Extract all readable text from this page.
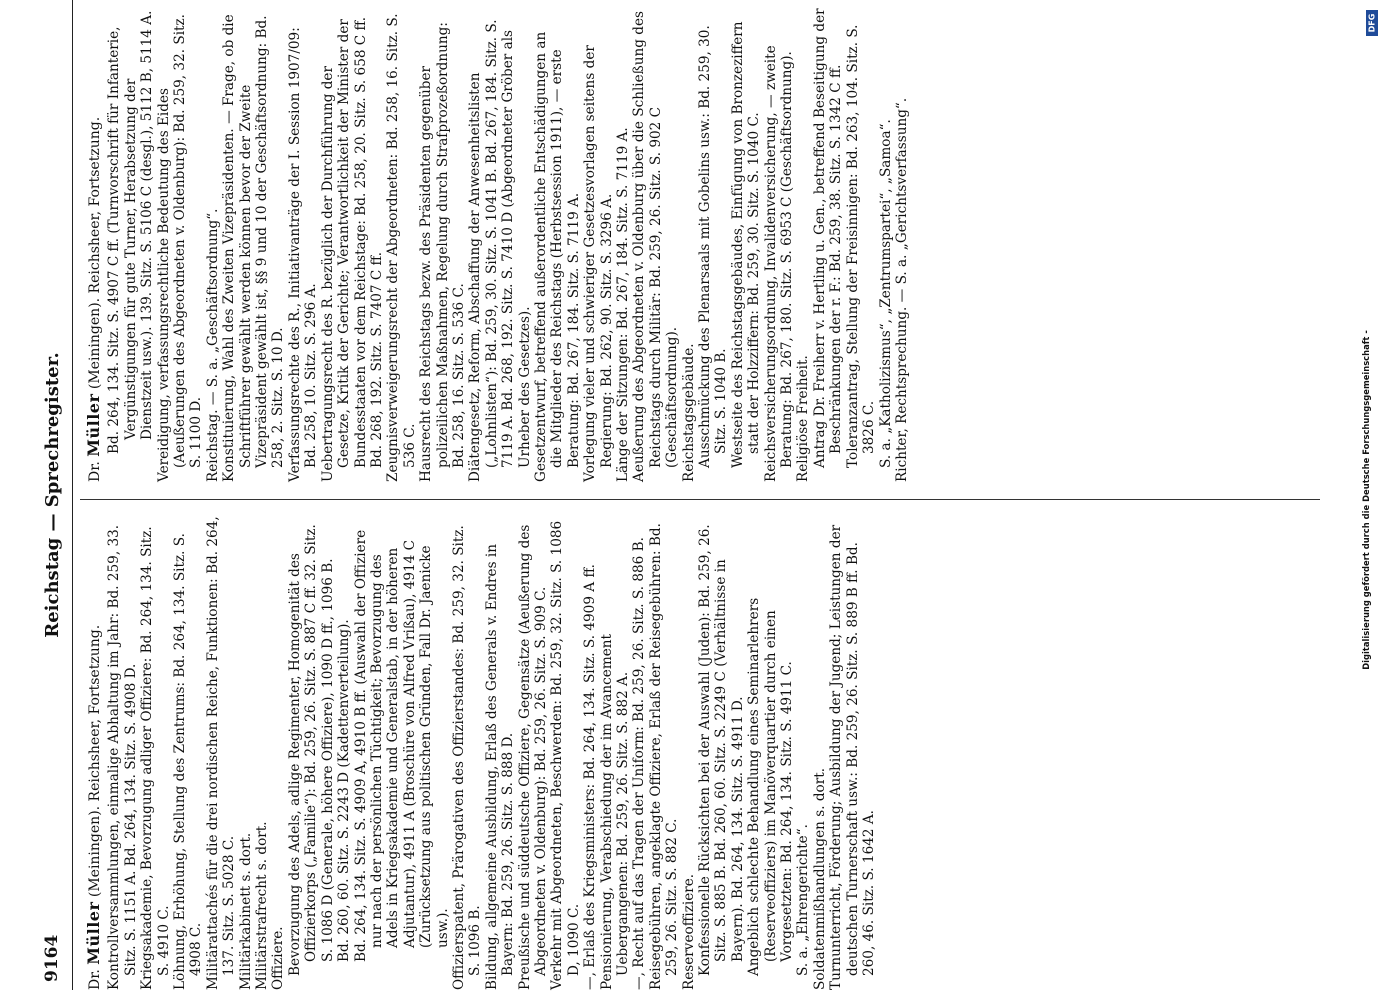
9164
Reichstag — Sprechregister.
Dr. Müller (Meiningen). Reichsheer, Fortsetzung. Kontrollversammlungen, einmalige Abhaltung im Jahr: Bd. 259, 33. Sitz. S. 1151 A. Bd. 264, 134. Sitz. S. 4908 D. Kriegsakademie, Bevorzugung adliger Offiziere: Bd. 264, 134. Sitz. S. 4910 C. Löhnung, Erhöhung, Stellung des Zentrums: Bd. 264, 134. Sitz. S. 4908 C. Militärattachés für die drei nordischen Reiche, Funktionen: Bd. 264, 137. Sitz. S. 5028 C. Militärkabinett s. dort. Militärstrafrecht s. dort. Offiziere. Bevorzugung des Adels, adlige Regimenter, Homogenität des Offizierkorps („Familie“): Bd. 259, 26. Sitz. S. 887 C ff. 32. Sitz. S. 1086 D (Generale, höhere Offiziere), 1090 D ff., 1096 B. Bd. 260, 60. Sitz. S. 2243 D (Kadettenverteilung). Bd. 264, 134. Sitz. S. 4909 A, 4910 B ff. (Auswahl der Offiziere nur nach der persönlichen Tüchtigkeit; Bevorzugung des Adels in Kriegsakademie und Generalstab, in der höheren Adjutantur), 4911 A (Broschüre von Alfred Vrißau), 4914 C (Zurücksetzung aus politischen Gründen, Fall Dr. Jaenicke usw.). Offizierspatent, Prärogativen des Offizierstandes: Bd. 259, 32. Sitz. S. 1096 B. Bildung, allgemeine Ausbildung, Erlaß des Generals v. Endres in Bayern: Bd. 259, 26. Sitz. S. 888 D. Preußische und süddeutsche Offiziere, Gegensätze (Aeußerung des Abgeordneten v. Oldenburg): Bd. 259, 26. Sitz. S. 909 C. Verkehr mit Abgeordneten, Beschwerden: Bd. 259, 32. Sitz. S. 1086 D, 1090 C. —, Erlaß des Kriegsministers: Bd. 264, 134. Sitz. S. 4909 A ff. Pensionierung, Verabschiedung der im Avancement Uebergangenen: Bd. 259, 26. Sitz. S. 882 A. —, Recht auf das Tragen der Uniform: Bd. 259, 26. Sitz. S. 886 B. Reisegebühren, angeklagte Offiziere, Erlaß der Reisegebühren: Bd. 259, 26. Sitz. S. 882 C. Reserveoffiziere. Konfessionelle Rücksichten bei der Auswahl (Juden): Bd. 259, 26. Sitz. S. 885 B. Bd. 260, 60. Sitz. S. 2249 C (Verhältnisse in Bayern). Bd. 264, 134. Sitz. S. 4911 D. Angeblich schlechte Behandlung eines Seminarlehrers (Reserveoffiziers) im Manöverquartier durch einen Vorgesetzten: Bd. 264, 134. Sitz. S. 4911 C. S. a. „Ehrengerichte“. Soldatenmißhandlungen s. dort. Turnunterricht, Förderung; Ausbildung der Jugend; Leistungen der deutschen Turnerschaft usw.: Bd. 259, 26. Sitz. S. 889 B ff. Bd. 260, 46. Sitz. S. 1642 A.

Dr. Müller (Meiningen). Reichsheer, Fortsetzung. Bd. 264, 134. Sitz. S. 4907 C ff. (Turnvorschrift für Infanterie, Vergünstigungen für gute Turner, Herabsetzung der Dienstzeit usw.). 139. Sitz. S. 5106 C (desgl.), 5112 B, 5114 A. Vereidigung, verfassungsrechtliche Bedeutung des Eides (Aeußerungen des Abgeordneten v. Oldenburg): Bd. 259, 32. Sitz. S. 1100 D. Reichstag. — S. a. „Geschäftsordnung“. Konstituierung, Wahl des Zweiten Vizepräsidenten. — Frage, ob die Schriftführer gewählt werden können bevor der Zweite Vizepräsident gewählt ist, §§ 9 und 10 der Geschäftsordnung: Bd. 258, 2. Sitz. S. 10 D. Verfassungsrechte des R., Initiativanträge der I. Session 1907/09: Bd. 258, 10. Sitz. S. 296 A. Uebertragungsrecht des R. bezüglich der Durchführung der Gesetze, Kritik der Gerichte; Verantwortlichkeit der Minister der Bundesstaaten vor dem Reichstage: Bd. 258, 20. Sitz. S. 658 C ff. Bd. 268, 192. Sitz. S. 7407 C ff. Zeugnisverweigerungsrecht der Abgeordneten: Bd. 258, 16. Sitz. S. 536 C. Hausrecht des Reichstags bezw. des Präsidenten gegenüber polizeilichen Maßnahmen, Regelung durch Strafprozeßordnung: Bd. 258, 16. Sitz. S. 536 C. Diätengesetz, Reform, Abschaffung der Anwesenheitslisten („Lohnlisten“): Bd. 259, 30. Sitz. S. 1041 B. Bd. 267, 184. Sitz. S. 7119 A. Bd. 268, 192. Sitz. S. 7410 D (Abgeordneter Gröber als Urheber des Gesetzes). Gesetzentwurf, betreffend außerordentliche Entschädigungen an die Mitglieder des Reichstags (Herbstsession 1911), — erste Beratung: Bd. 267, 184. Sitz. S. 7119 A. Vorlegung vieler und schwieriger Gesetzesvorlagen seitens der Regierung: Bd. 262, 90. Sitz. S. 3296 A. Länge der Sitzungen: Bd. 267, 184. Sitz. S. 7119 A. Aeußerung des Abgeordneten v. Oldenburg über die Schließung des Reichstags durch Militär: Bd. 259, 26. Sitz. S. 902 C (Geschäftsordnung). Reichstagsgebäude. Ausschmückung des Plenarsaals mit Gobelins usw.: Bd. 259, 30. Sitz. S. 1040 B. Westseite des Reichstagsgebäudes, Einfügung von Bronzeziffern statt der Holzziffern: Bd. 259, 30. Sitz. S. 1040 C. Reichsversicherungsordnung, Invalidenversicherung, — zweite Beratung: Bd. 267, 180. Sitz. S. 6953 C (Geschäftsordnung). Religiöse Freiheit. Antrag Dr. Freiherr v. Hertling u. Gen., betreffend Beseitigung der Beschränkungen der r. F.: Bd. 259, 38. Sitz. S. 1342 C ff. Toleranzantrag, Stellung der Freisinnigen: Bd. 263, 104. Sitz. S. 3826 C. S. a. „Katholizismus“, „Zentrumspartei“, „Samoa“. Richter, Rechtsprechung. — S. a. „Gerichtsverfassung“.

Digitalisierung gefördert durch die Deutsche Forschungsgemeinschaft -
DFG
